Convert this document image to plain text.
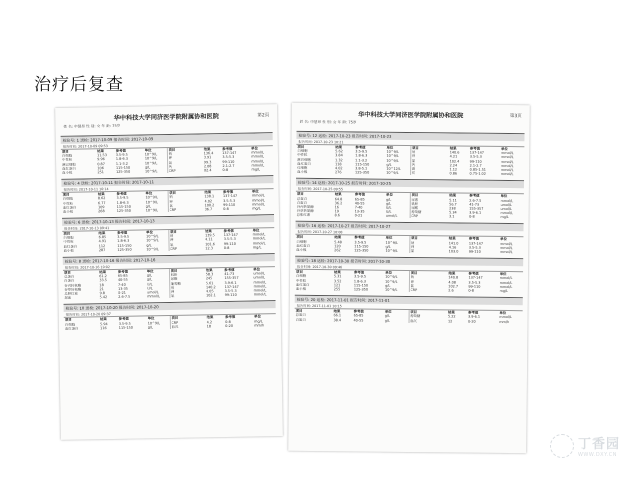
治疗后复查
华中科技大学同济医学院附属协和医院	第2页
姓 名: 申慧昂 性 别: 女 年 龄: 75岁
检验号: 1 送检: 2017-10-09 报告时间: 2017-10-09
报告时间: 2017-10-09 09:53
项目	结果	参考值	单位
白细胞	11.53	3.5-9.5	10^9/L
中性粒	9.96	1.8-6.3	10^9/L
淋巴细胞	0.87	1.1-3.2	10^9/L
血红蛋白	106	115-150	g/L
血小板	251	125-350	10^9/L
项目	结果	参考值	单位
钠	136.4	137-147	mmol/L
钾	3.91	3.5-5.3	mmol/L
氯	99.3	99-110	mmol/L
钙	2.08	2.1-2.7	mmol/L
CRP	82.4	0-8	mg/L
检验号: 4 送检: 2017-10-11 报告时间: 2017-10-11
报告时间: 2017-10-11 10:14
项目	结果	参考值	单位
白细胞	8.62	3.5-9.5	10^9/L
中性粒	6.77	1.8-6.3	10^9/L
血红蛋白	109	115-150	g/L
血小板	268	125-350	10^9/L
项目	结果	参考值	单位
钠	138.1	137-147	mmol/L
钾	4.02	3.5-5.3	mmol/L
氯	100.2	99-110	mmol/L
CRP	36.7	0-8	mg/L
检验号: 6 送检: 2017-10-13 报告时间: 2017-10-13
报告时间: 2017-10-13 09:41
项目	结果	参考值	单位
白细胞	6.85	3.5-9.5	10^9/L
中性粒	4.91	1.8-6.3	10^9/L
血红蛋白	112	115-150	g/L
血小板	287	125-350	10^9/L
项目	结果	参考值	单位
钠	139.5	137-147	mmol/L
钾	4.11	3.5-5.3	mmol/L
氯	101.6	99-110	mmol/L
CRP	12.3	0-8	mg/L
检验号: 8 送检: 2017-10-16 报告时间: 2017-10-16
报告时间: 2017-10-16 10:02
项目	结果	参考值	单位
总蛋白	61.2	65-85	g/L
白蛋白	33.5	40-55	g/L
谷丙转氨酶	18	7-40	U/L
谷草转氨酶	21	13-35	U/L
总胆红素	9.8	0-21	umol/L
尿素	5.42	2.6-7.5	mmol/L
项目	结果	参考值	单位
肌酐	58.3	41-73	umol/L
尿酸	245	155-357	umol/L
葡萄糖	5.61	3.9-6.1	mmol/L
钠	140.2	137-147	mmol/L
钾	4.05	3.5-5.3	mmol/L
氯	102.1	99-110	mmol/L
检验号: 10 送检: 2017-10-20 报告时间: 2017-10-20
报告时间: 2017-10-20 09:37
项目	结果	参考值	单位
白细胞	5.94	3.5-9.5	10^9/L
血红蛋白	116	115-150	g/L
项目	结果	参考值	单位
CRP	4.2	0-8	mg/L
血沉	18	0-20	mm/h
华中科技大学同济医学院附属协和医院	第3页
姓 名: 申慧昂 性 别: 女 年 龄: 75岁
检验号: 12 送检: 2017-10-23 报告时间: 2017-10-23
报告时间: 2017-10-23 10:21
项目	结果	参考值	单位
白细胞	5.62	3.5-9.5	10^9/L
中性粒	3.84	1.8-6.3	10^9/L
淋巴细胞	1.32	1.1-3.2	10^9/L
血红蛋白	118	115-150	g/L
红细胞	4.02	3.8-5.1	10^12/L
血小板	276	125-350	10^9/L
项目	结果	参考值	单位
钠	140.6	137-147	mmol/L
钾	4.21	3.5-5.3	mmol/L
氯	102.4	99-110	mmol/L
钙	2.24	2.1-2.7	mmol/L
磷	1.12	0.85-1.51	mmol/L
镁	0.86	0.75-1.02	mmol/L
检验号: 14 送检: 2017-10-25 报告时间: 2017-10-25
报告时间: 2017-10-25 09:55
项目	结果	参考值	单位
总蛋白	64.8	65-85	g/L
白蛋白	36.2	40-55	g/L
谷丙转氨酶	16	7-40	U/L
谷草转氨酶	19	13-35	U/L
总胆红素	8.6	0-21	umol/L
项目	结果	参考值	单位
尿素	5.11	2.6-7.5	mmol/L
肌酐	56.7	41-73	umol/L
尿酸	238	155-357	umol/L
葡萄糖	5.34	3.9-6.1	mmol/L
CRP	3.1	0-8	mg/L
检验号: 16 送检: 2017-10-27 报告时间: 2017-10-27
报告时间: 2017-10-27 10:08
项目	结果	参考值	单位
白细胞	5.48	3.5-9.5	10^9/L
血红蛋白	120	115-150	g/L
血小板	262	125-350	10^9/L
项目	结果	参考值	单位
钠	141.0	137-147	mmol/L
钾	4.16	3.5-5.3	mmol/L
氯	103.0	99-110	mmol/L
检验号: 18 送检: 2017-10-30 报告时间: 2017-10-30
报告时间: 2017-10-30 09:46
项目	结果	参考值	单位
白细胞	5.31	3.5-9.5	10^9/L
中性粒	3.52	1.8-6.3	10^9/L
血红蛋白	121	115-150	g/L
血小板	255	125-350	10^9/L
项目	结果	参考值	单位
钠	140.8	137-147	mmol/L
钾	4.08	3.5-5.3	mmol/L
氯	102.7	99-110	mmol/L
CRP	2.6	0-8	mg/L
检验号: 20 送检: 2017-11-01 报告时间: 2017-11-01
报告时间: 2017-11-01 10:15
项目	结果	参考值	单位
总蛋白	66.1	65-85	g/L
白蛋白	38.4	40-55	g/L
项目	结果	参考值	单位
葡萄糖	5.22	3.9-6.1	mmol/L
血沉	12	0-20	mm/h
丁香园
WWW.DXY.CN
